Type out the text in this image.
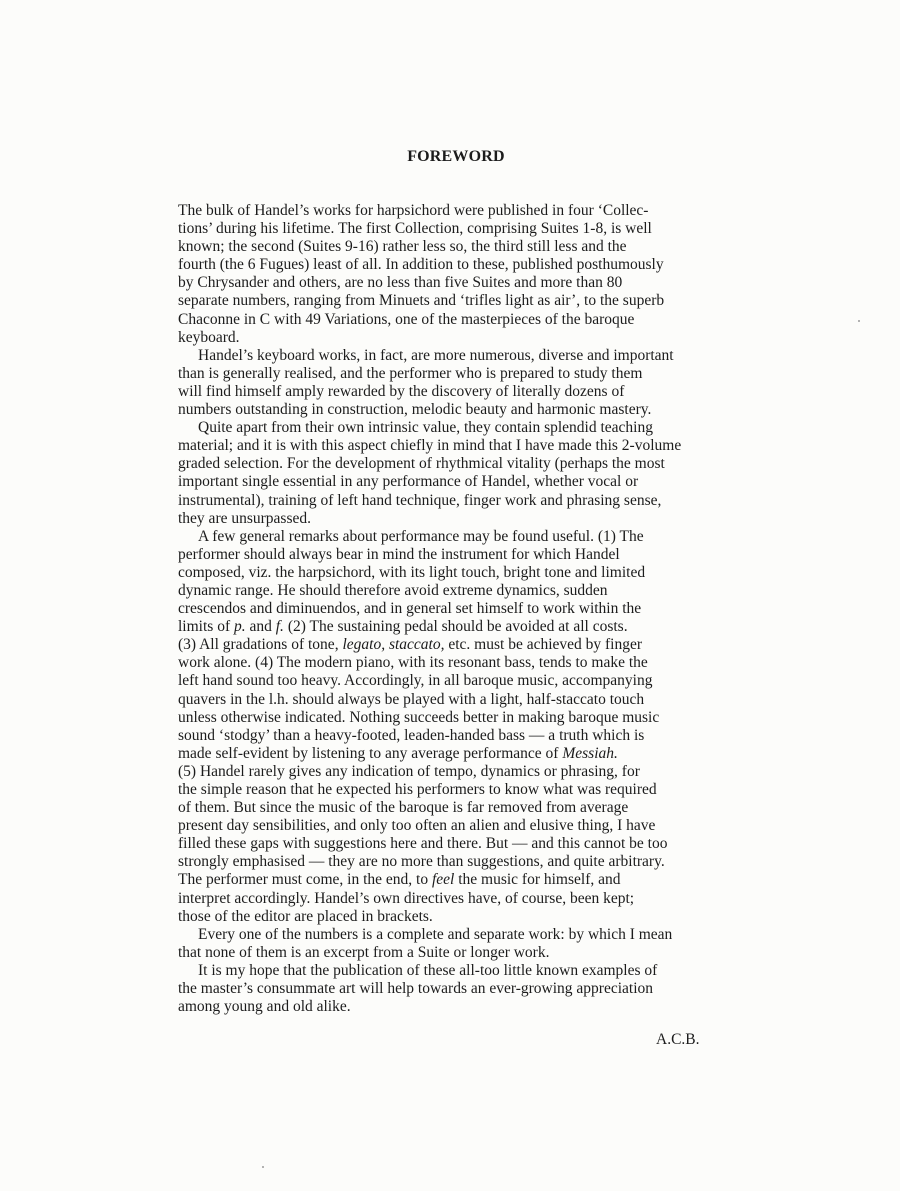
FOREWORD
The bulk of Handel’s works for harpsichord were published in four ‘Collec-
tions’ during his lifetime. The first Collection, comprising Suites 1-8, is well
known; the second (Suites 9-16) rather less so, the third still less and the
fourth (the 6 Fugues) least of all. In addition to these, published posthumously
by Chrysander and others, are no less than five Suites and more than 80
separate numbers, ranging from Minuets and ‘trifles light as air’, to the superb
Chaconne in C with 49 Variations, one of the masterpieces of the baroque
keyboard.
Handel’s keyboard works, in fact, are more numerous, diverse and important
than is generally realised, and the performer who is prepared to study them
will find himself amply rewarded by the discovery of literally dozens of
numbers outstanding in construction, melodic beauty and harmonic mastery.
Quite apart from their own intrinsic value, they contain splendid teaching
material; and it is with this aspect chiefly in mind that I have made this 2-volume
graded selection. For the development of rhythmical vitality (perhaps the most
important single essential in any performance of Handel, whether vocal or
instrumental), training of left hand technique, finger work and phrasing sense,
they are unsurpassed.
A few general remarks about performance may be found useful. (1) The
performer should always bear in mind the instrument for which Handel
composed, viz. the harpsichord, with its light touch, bright tone and limited
dynamic range. He should therefore avoid extreme dynamics, sudden
crescendos and diminuendos, and in general set himself to work within the
limits of p. and f. (2) The sustaining pedal should be avoided at all costs.
(3) All gradations of tone, legato, staccato, etc. must be achieved by finger
work alone. (4) The modern piano, with its resonant bass, tends to make the
left hand sound too heavy. Accordingly, in all baroque music, accompanying
quavers in the l.h. should always be played with a light, half-staccato touch
unless otherwise indicated. Nothing succeeds better in making baroque music
sound ‘stodgy’ than a heavy-footed, leaden-handed bass — a truth which is
made self-evident by listening to any average performance of Messiah.
(5) Handel rarely gives any indication of tempo, dynamics or phrasing, for
the simple reason that he expected his performers to know what was required
of them. But since the music of the baroque is far removed from average
present day sensibilities, and only too often an alien and elusive thing, I have
filled these gaps with suggestions here and there. But — and this cannot be too
strongly emphasised — they are no more than suggestions, and quite arbitrary.
The performer must come, in the end, to feel the music for himself, and
interpret accordingly. Handel’s own directives have, of course, been kept;
those of the editor are placed in brackets.
Every one of the numbers is a complete and separate work: by which I mean
that none of them is an excerpt from a Suite or longer work.
It is my hope that the publication of these all-too little known examples of
the master’s consummate art will help towards an ever-growing appreciation
among young and old alike.

A.C.B.
